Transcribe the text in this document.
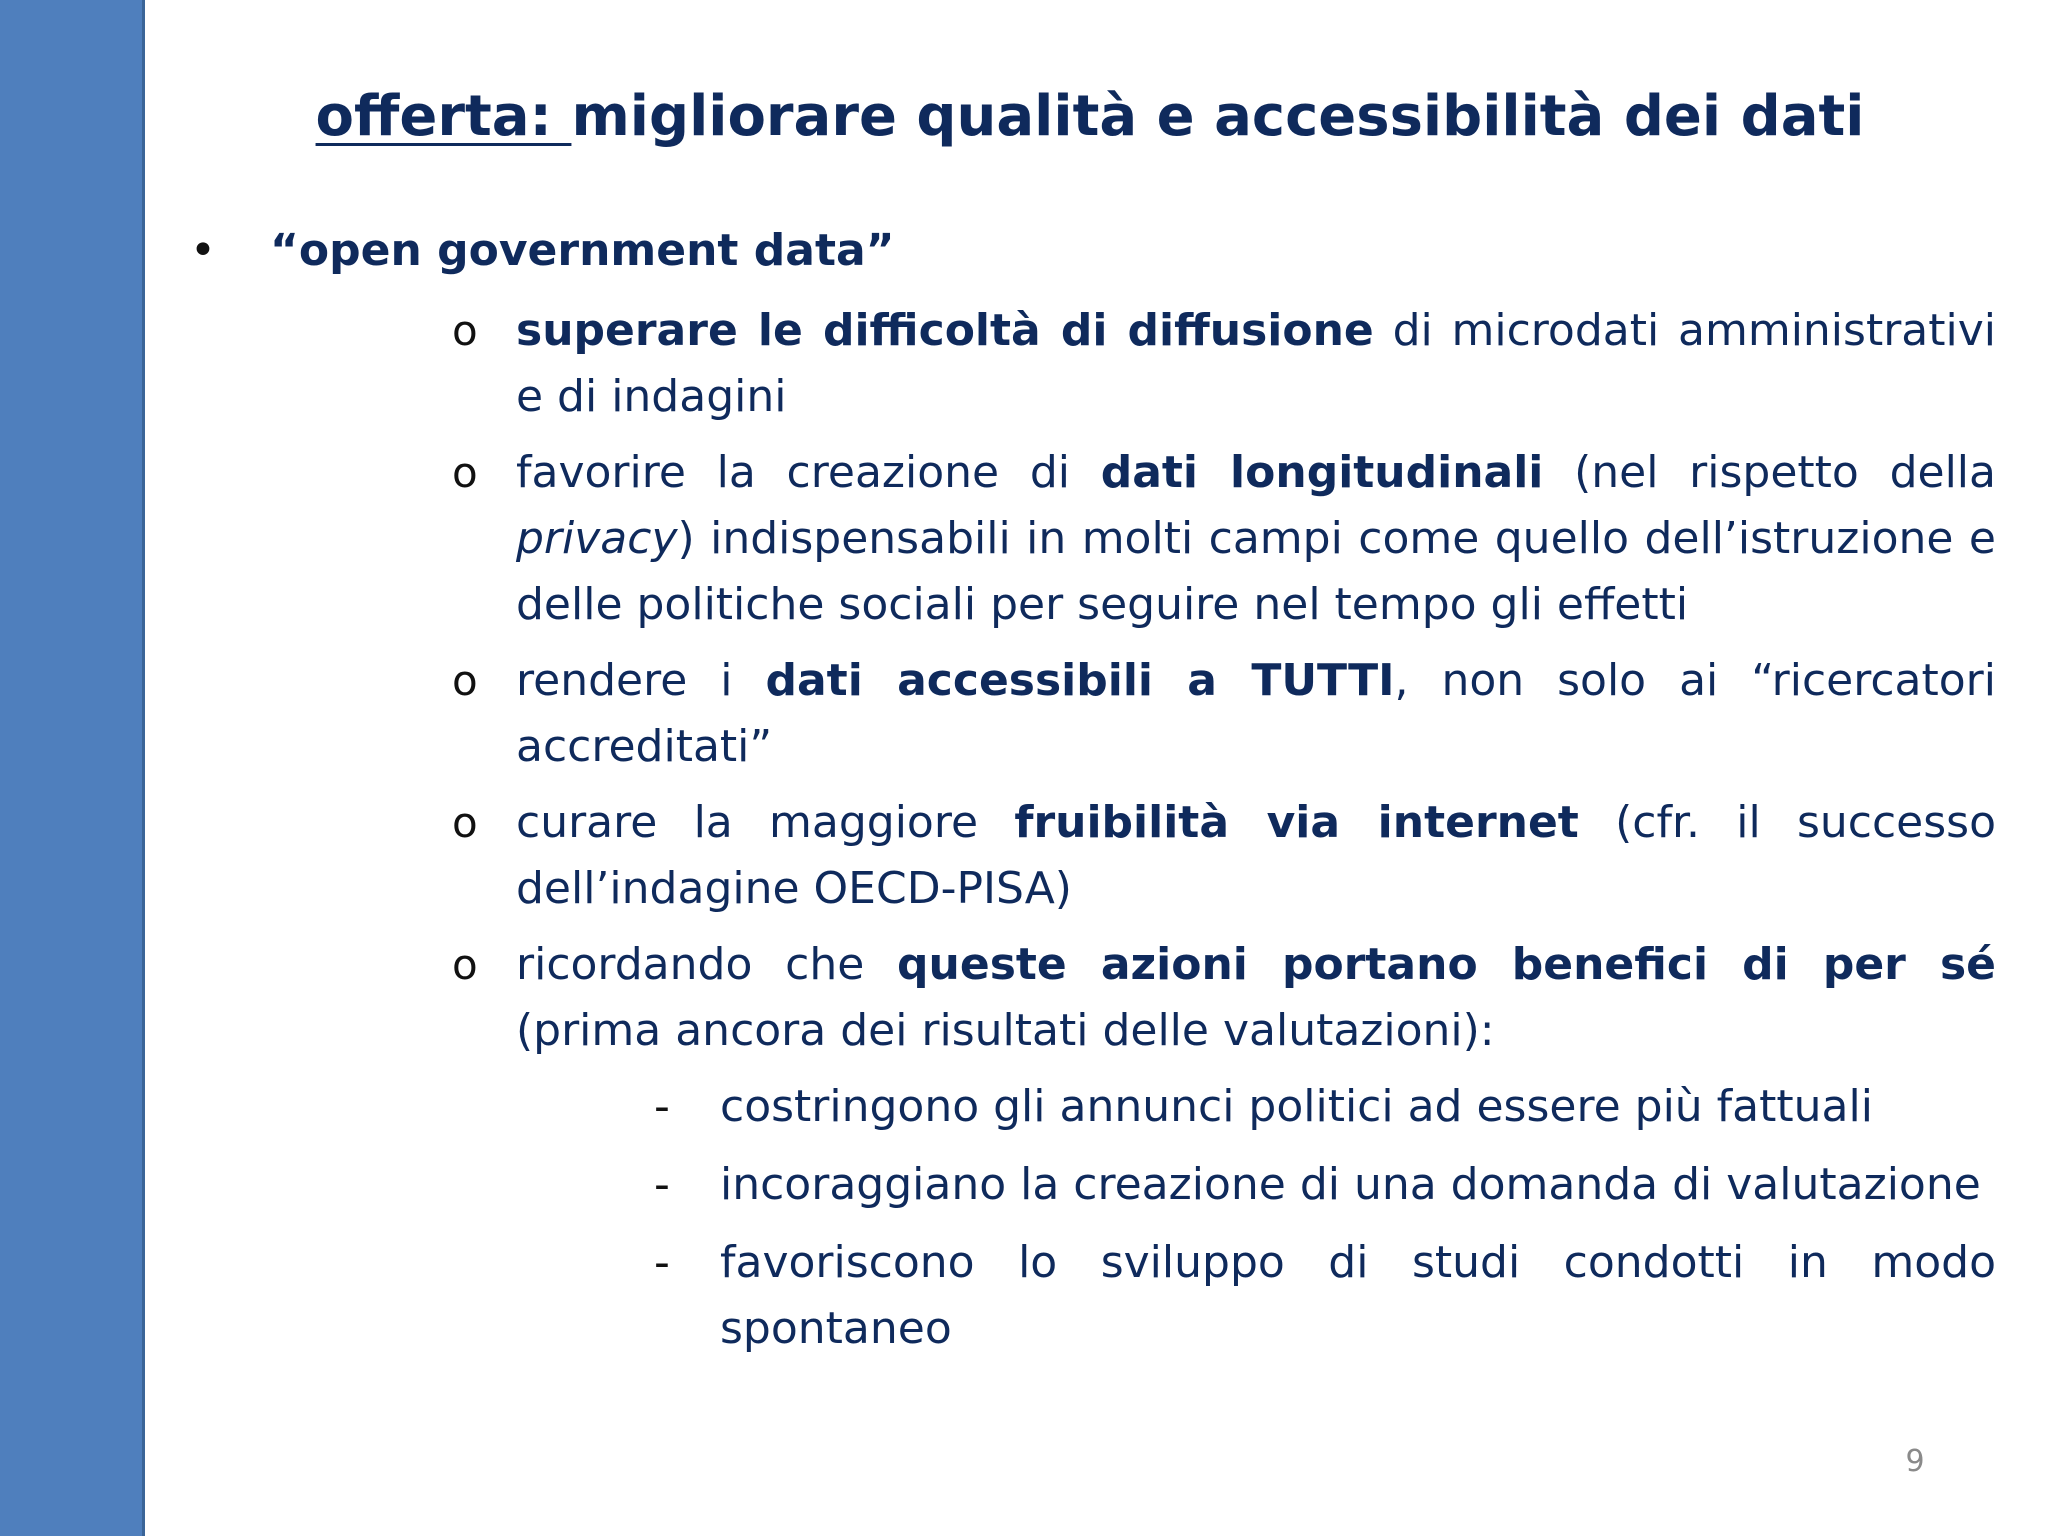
offerta: migliorare qualità e accessibilità dei dati
• “open government data”
o superare le difficoltà di diffusione di microdati amministrativi e di indagini
o favorire la creazione di dati longitudinali (nel rispetto della privacy) indispensabili in molti campi come quello dell’istruzione e delle politiche sociali per seguire nel tempo gli effetti
o rendere i dati accessibili a TUTTI, non solo ai “ricercatori accreditati”
o curare la maggiore fruibilità via internet (cfr. il successo dell’indagine OECD-PISA)
o ricordando che queste azioni portano benefici di per sé (prima ancora dei risultati delle valutazioni):
-	costringono gli annunci politici ad essere più fattuali
-	incoraggiano la creazione di una domanda di valutazione
-	favoriscono lo sviluppo di studi condotti in modo spontaneo
9
